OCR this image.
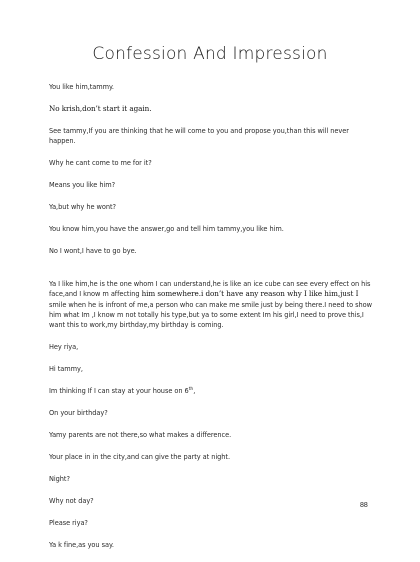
Confession And Impression

You like him,tammy.

No krish,don’t start it again.

See tammy,If you are thinking that he will come to you and propose you,than this will never happen.

Why he cant come to me for it?

Means you like him?

Ya,but why he wont?

You know him,you have the answer,go and tell him tammy,you like him.

No I wont,I have to go bye.

Ya I like him,he is the one whom I can understand,he is like an ice cube can see every effect on his face,and I know m affecting him somewhere.i don’t have any reason why I like him,just I smile when he is infront of me,a person who can make me smile just by being there.I need to show him what Im ,I know m not totally his type,but ya to some extent Im his girl,I need to prove this,I want this to work,my birthday,my birthday is coming.

Hey riya,

Hi tammy,

Im thinking If I can stay at your house on 6th,

On your birthday?

Yamy parents are not there,so what makes a difference.

Your place in in the city,and can give the party at night.

Night?

Why not day?

Please riya?

Ya k fine,as you say.

88
